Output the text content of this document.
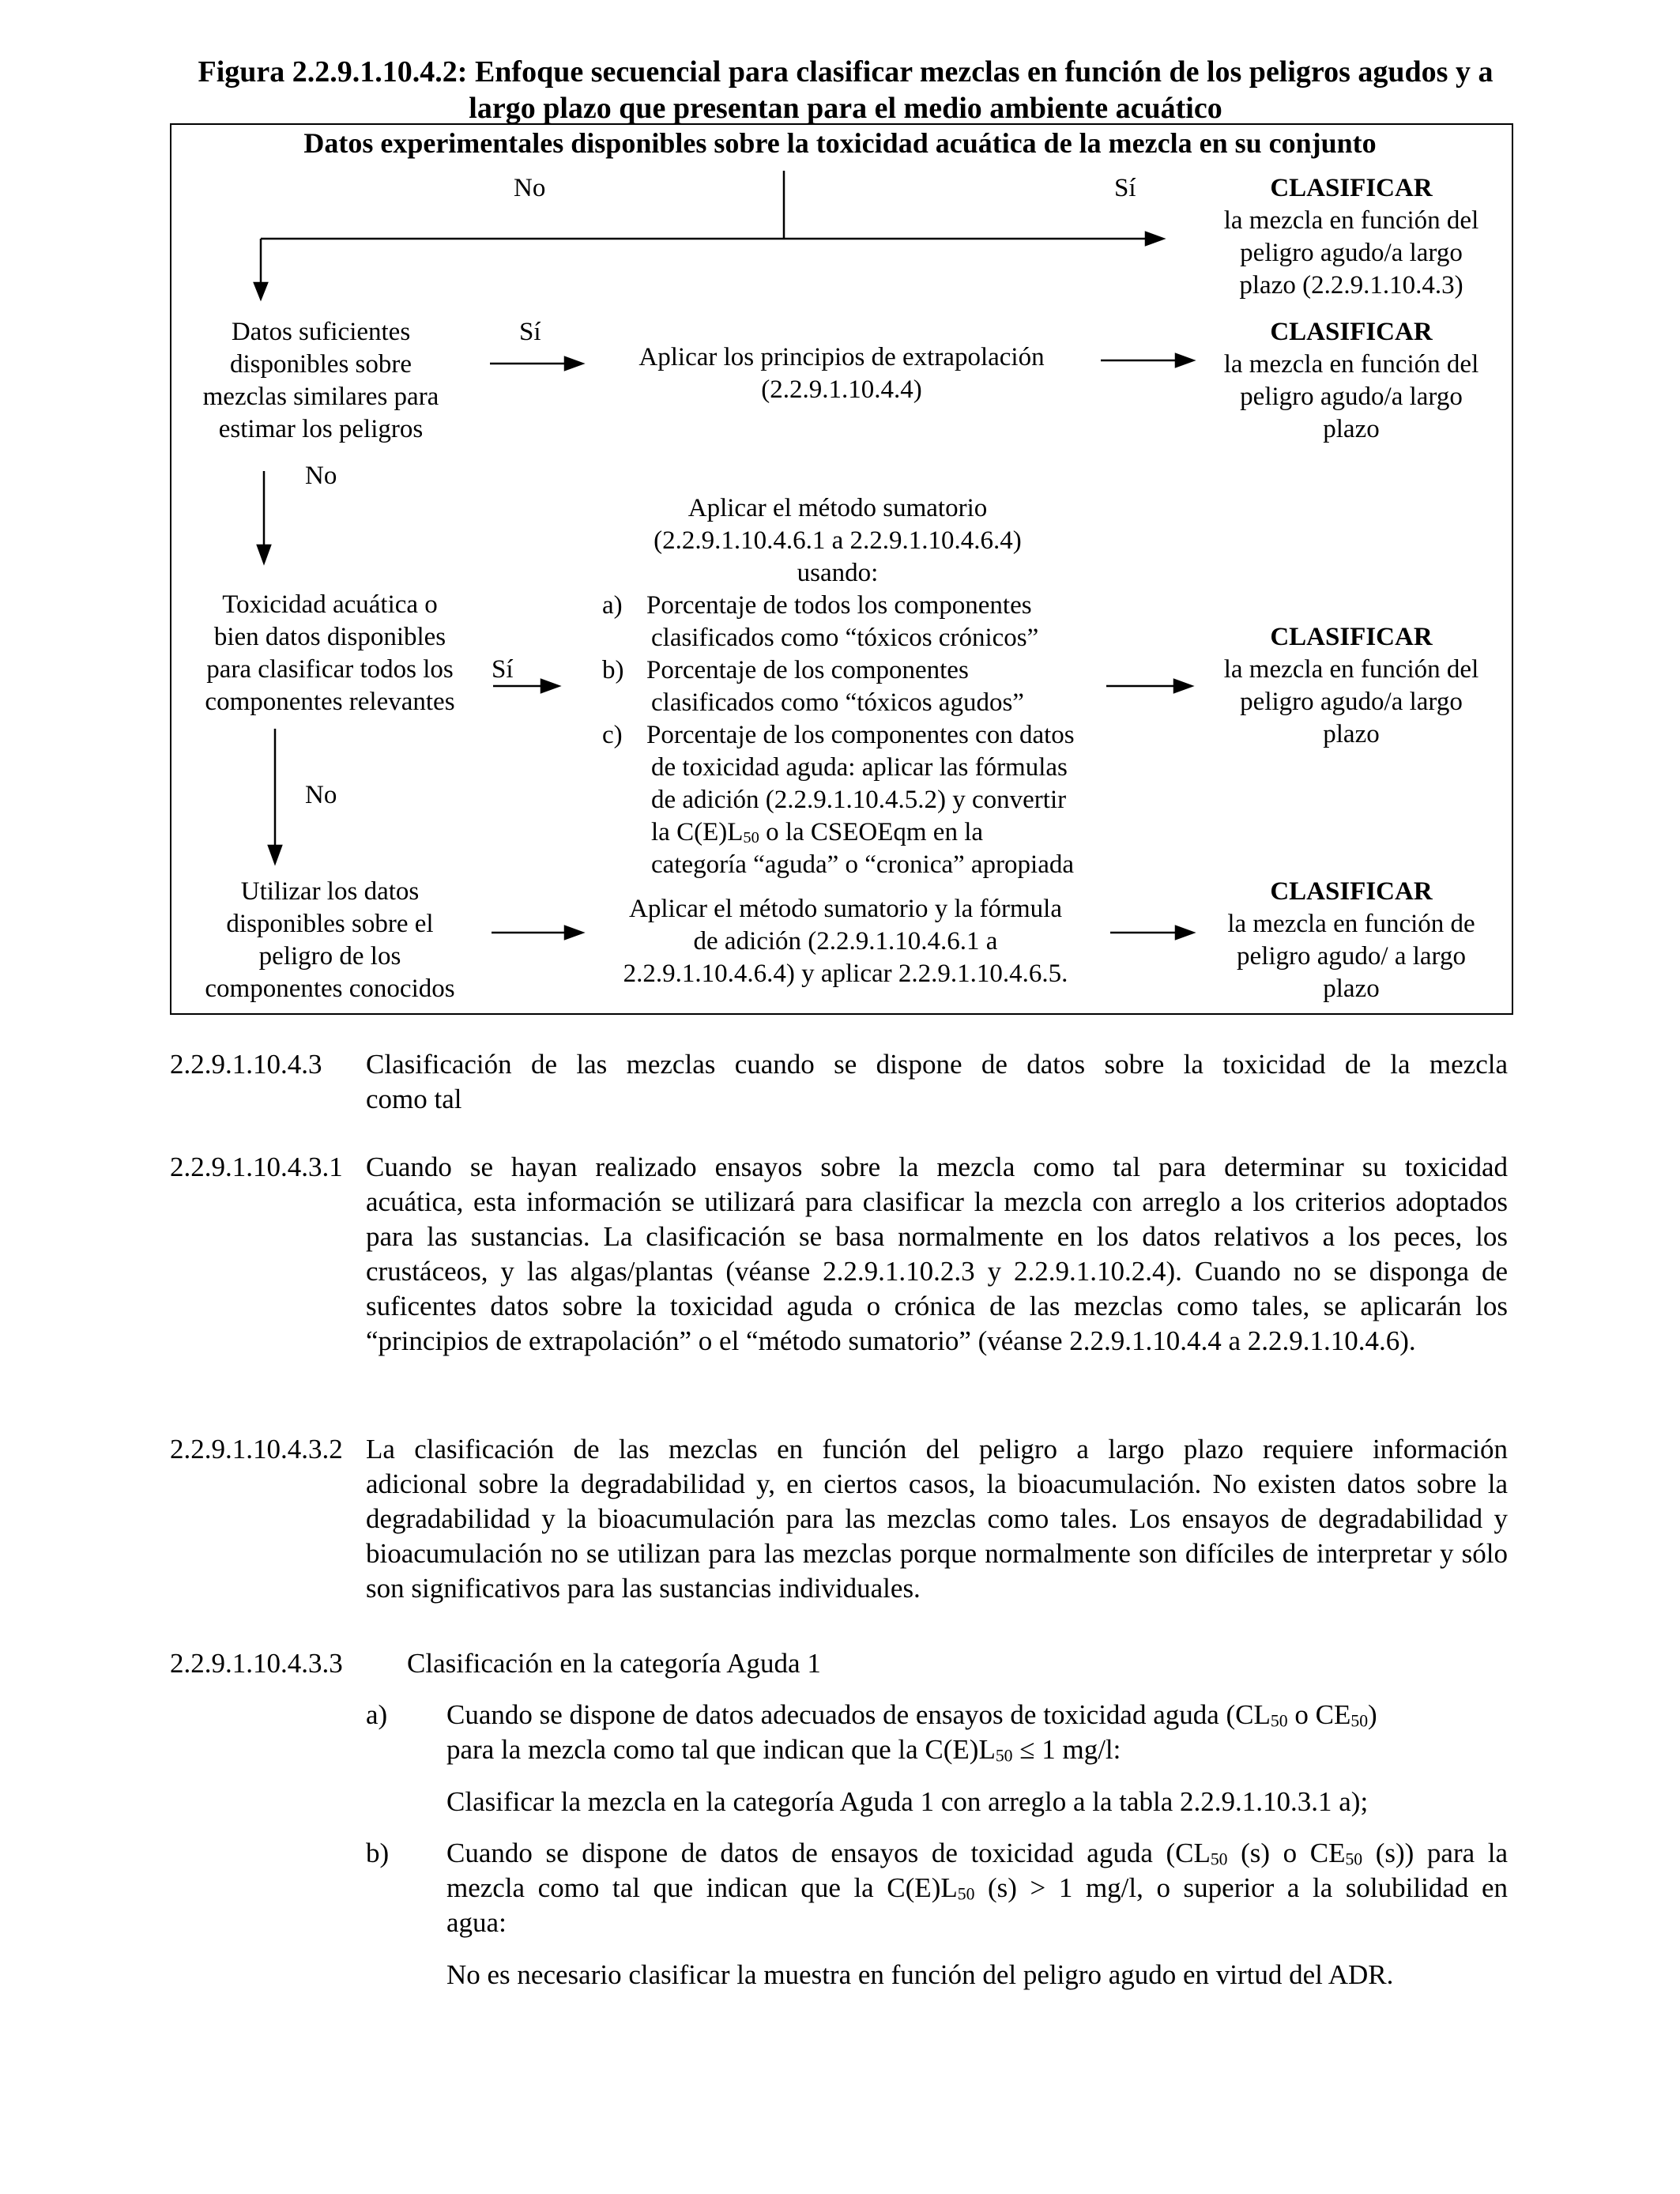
Figura 2.2.9.1.10.4.2: Enfoque secuencial para clasificar mezclas en función de los peligros agudos y a
largo plazo que presentan para el medio ambiente acuático
Datos experimentales disponibles sobre la toxicidad acuática de la mezcla en su conjunto
No	Sí
Sí
No
Sí
No
CLASIFICAR
la mezcla en función del
peligro agudo/a largo
plazo (2.2.9.1.10.4.3)
Datos suficientes
disponibles sobre
mezclas similares para
estimar los peligros
Aplicar los principios de extrapolación
(2.2.9.1.10.4.4)
CLASIFICAR
la mezcla en función del
peligro agudo/a largo
plazo
Toxicidad acuática o
bien datos disponibles
para clasificar todos los
componentes relevantes
Aplicar el método sumatorio
(2.2.9.1.10.4.6.1 a 2.2.9.1.10.4.6.4)
usando:
a) Porcentaje de todos los componentes
clasificados como “tóxicos crónicos”
b) Porcentaje de los componentes
clasificados como “tóxicos agudos”
c) Porcentaje de los componentes con datos
de toxicidad aguda: aplicar las fórmulas
de adición (2.2.9.1.10.4.5.2) y convertir
la $C(E)L_{50}$ o la CSEOEqm en la
categoría “aguda” o “cronica” apropiada
CLASIFICAR
la mezcla en función del
peligro agudo/a largo
plazo
Utilizar los datos
disponibles sobre el
peligro de los
componentes conocidos
Aplicar el método sumatorio y la fórmula
de adición (2.2.9.1.10.4.6.1 a
2.2.9.1.10.4.6.4) y aplicar 2.2.9.1.10.4.6.5.
CLASIFICAR
la mezcla en función de
peligro agudo/ a largo
plazo
2.2.9.1.10.4.3 Clasificación de las mezclas cuando se dispone de datos sobre la toxicidad de la mezcla
como tal
2.2.9.1.10.4.3.1 Cuando se hayan realizado ensayos sobre la mezcla como tal para determinar su toxicidad
acuática, esta información se utilizará para clasificar la mezcla con arreglo a los criterios adoptados para las sustancias. La clasificación se basa normalmente en los datos relativos a los peces, los crustáceos, y las algas/plantas (véanse 2.2.9.1.10.2.3 y 2.2.9.1.10.2.4). Cuando no se disponga de suficentes datos sobre la toxicidad aguda o crónica de las mezclas como tales, se aplicarán los “principios de extrapolación” o el “método sumatorio” (véanse 2.2.9.1.10.4.4 a 2.2.9.1.10.4.6).
2.2.9.1.10.4.3.2 La clasificación de las mezclas en función del peligro a largo plazo requiere información
adicional sobre la degradabilidad y, en ciertos casos, la bioacumulación. No existen datos sobre la degradabilidad y la bioacumulación para las mezclas como tales. Los ensayos de degradabilidad y bioacumulación no se utilizan para las mezclas porque normalmente son difíciles de interpretar y sólo son significativos para las sustancias individuales.
2.2.9.1.10.4.3.3 Clasificación en la categoría Aguda 1
a) Cuando se dispone de datos adecuados de ensayos de toxicidad aguda ($CL_{50}$ o $CE_{50}$)
para la mezcla como tal que indican que la $C(E)L_{50} \le 1$ mg/l:
Clasificar la mezcla en la categoría Aguda 1 con arreglo a la tabla 2.2.9.1.10.3.1 a);
b) Cuando se dispone de datos de ensayos de toxicidad aguda ($CL_{50}$ (s) o $CE_{50}$ (s)) para la
mezcla como tal que indican que la $C(E)L_{50}$ (s) > 1 mg/l, o superior a la solubilidad en
agua:
No es necesario clasificar la muestra en función del peligro agudo en virtud del ADR.
